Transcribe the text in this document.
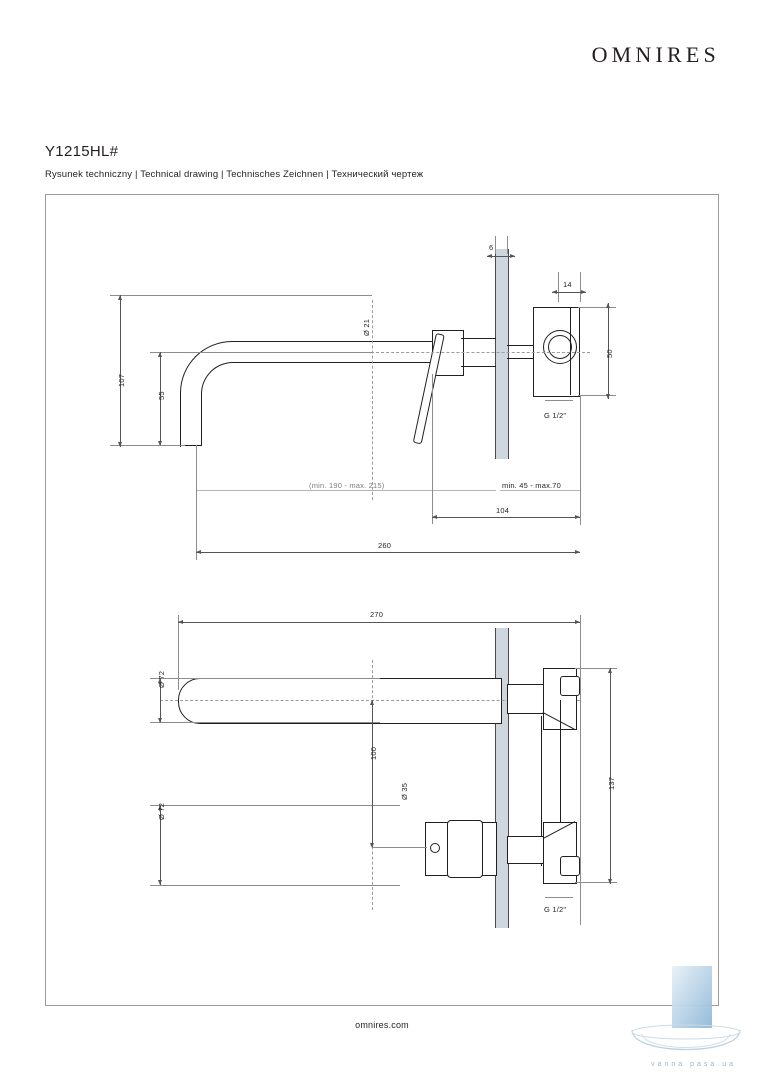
OMNIRES
Y1215HL#
Rysunek techniczny | Technical drawing | Technisches Zeichnen | Технический чертеж
6
14
G 1/2"
Ø 21
50
107
55
(min. 190 - max. 215)	min. 45 - max.70
104
260
270
Ø 72
Ø 72
100
Ø 35	137
G 1/2"
omnires.com
vanna pasa.ua
